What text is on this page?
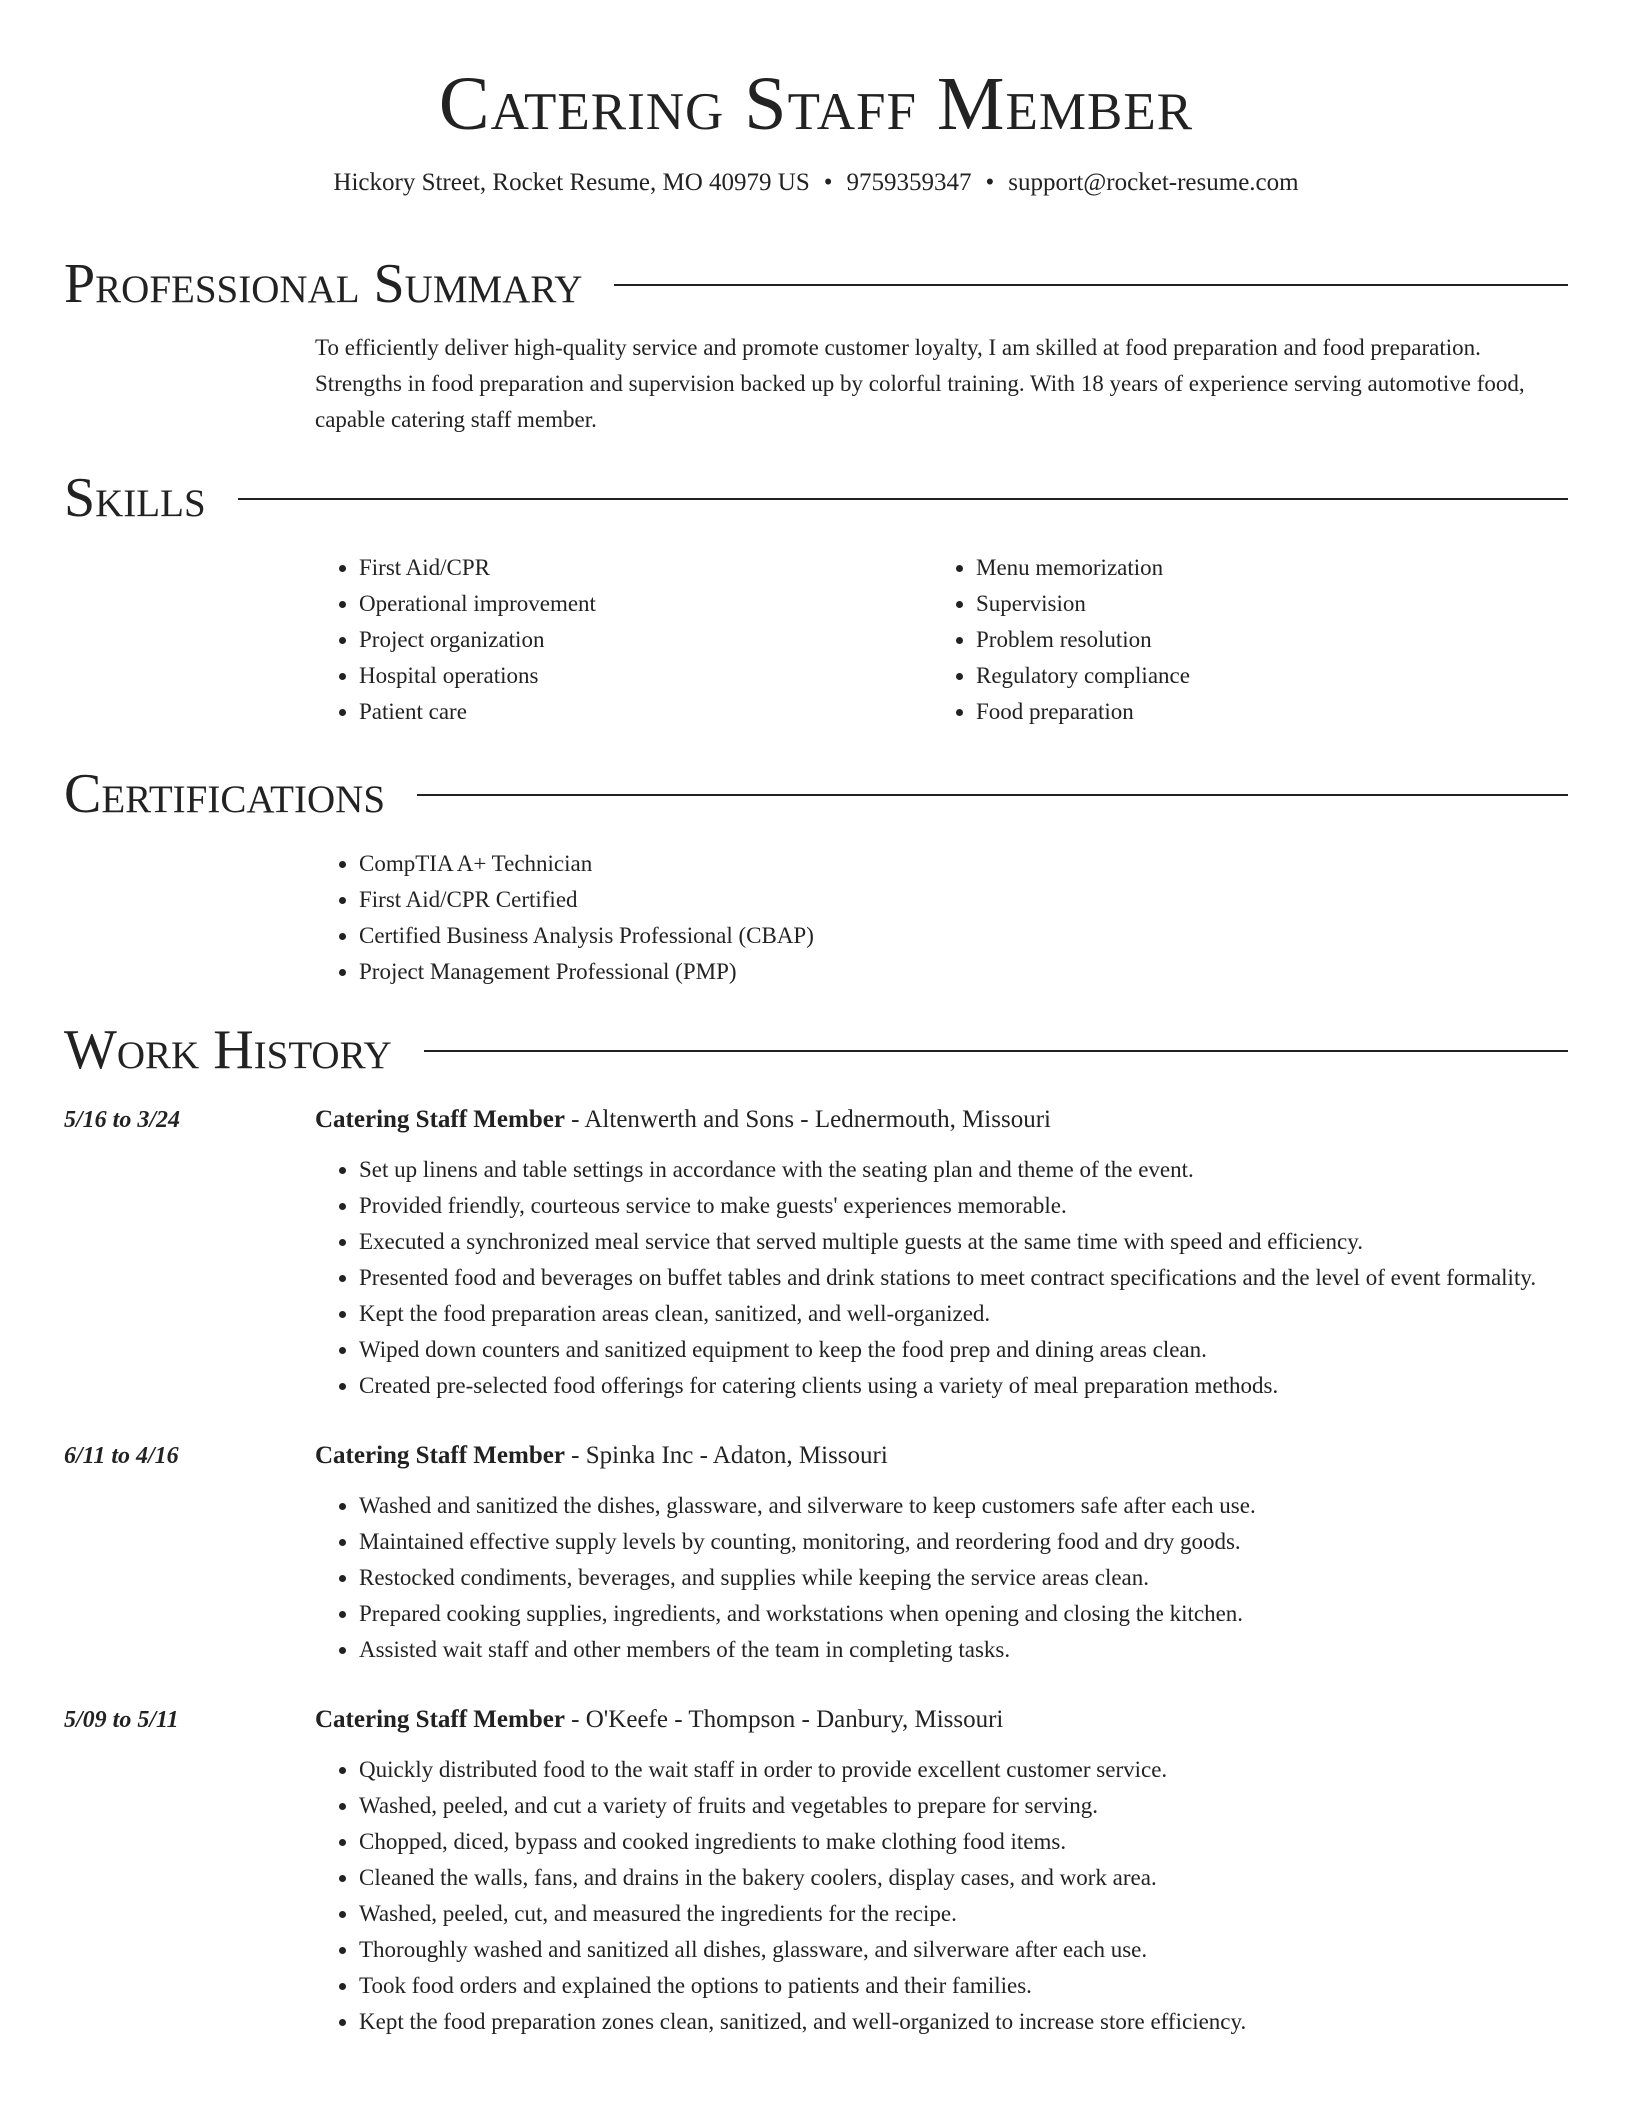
Catering Staff Member
Hickory Street, Rocket Resume, MO 40979 US • 9759359347 • support@rocket-resume.com
Professional Summary

To efficiently deliver high-quality service and promote customer loyalty, I am skilled at food preparation and food preparation. Strengths in food preparation and supervision backed up by colorful training. With 18 years of experience serving automotive food, capable catering staff member.

Skills
• First Aid/CPR
• Operational improvement
• Project organization
• Hospital operations
• Patient care
• Menu memorization
• Supervision
• Problem resolution
• Regulatory compliance
• Food preparation
Certifications
• CompTIA A+ Technician
• First Aid/CPR Certified
• Certified Business Analysis Professional (CBAP)
• Project Management Professional (PMP)
Work History
5/16 to 3/24	Catering Staff Member - Altenwerth and Sons - Lednermouth, Missouri
• Set up linens and table settings in accordance with the seating plan and theme of the event.
• Provided friendly, courteous service to make guests' experiences memorable.
• Executed a synchronized meal service that served multiple guests at the same time with speed and efficiency.
• Presented food and beverages on buffet tables and drink stations to meet contract specifications and the level of event formality.
• Kept the food preparation areas clean, sanitized, and well-organized.
• Wiped down counters and sanitized equipment to keep the food prep and dining areas clean.
• Created pre-selected food offerings for catering clients using a variety of meal preparation methods.
6/11 to 4/16	Catering Staff Member - Spinka Inc - Adaton, Missouri
• Washed and sanitized the dishes, glassware, and silverware to keep customers safe after each use.
• Maintained effective supply levels by counting, monitoring, and reordering food and dry goods.
• Restocked condiments, beverages, and supplies while keeping the service areas clean.
• Prepared cooking supplies, ingredients, and workstations when opening and closing the kitchen.
• Assisted wait staff and other members of the team in completing tasks.
5/09 to 5/11	Catering Staff Member - O'Keefe - Thompson - Danbury, Missouri
• Quickly distributed food to the wait staff in order to provide excellent customer service.
• Washed, peeled, and cut a variety of fruits and vegetables to prepare for serving.
• Chopped, diced, bypass and cooked ingredients to make clothing food items.
• Cleaned the walls, fans, and drains in the bakery coolers, display cases, and work area.
• Washed, peeled, cut, and measured the ingredients for the recipe.
• Thoroughly washed and sanitized all dishes, glassware, and silverware after each use.
• Took food orders and explained the options to patients and their families.
• Kept the food preparation zones clean, sanitized, and well-organized to increase store efficiency.
